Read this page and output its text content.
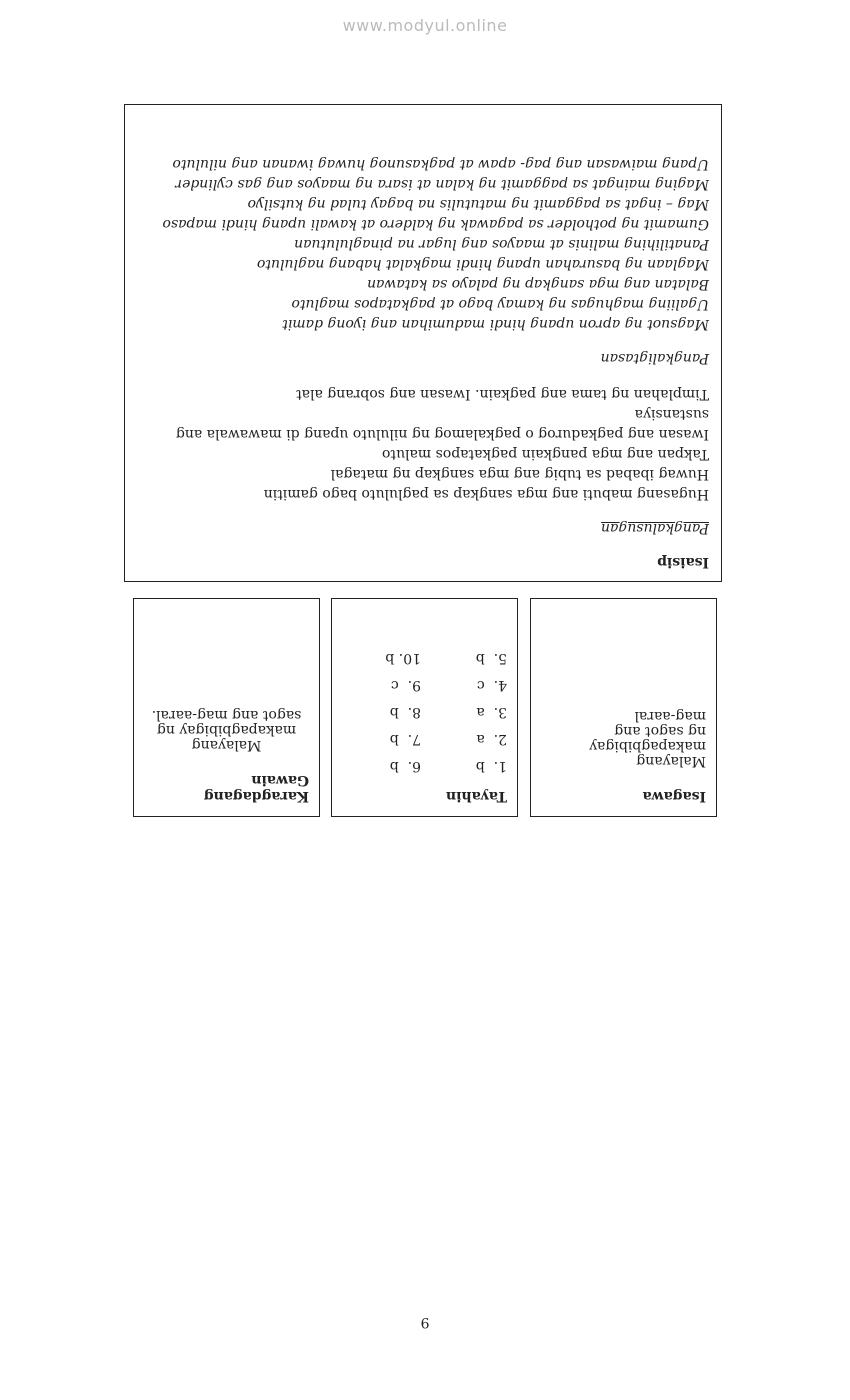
www.modyul.online
Isaisip

Pangkalusugan

Hugasang mabuti ang mga sangkap sa pagluluto bago gamitin

Huwag ibabad sa tubig ang mga sangkap ng matagal

Takpan ang mga pangkain pagkatapos maluto

Iwasan ang pagkadurog o pagkalamog ng niluluto upang di mawawala ang

sustansiya

Timplahan ng tama ang pagkain. Iwasan ang sobrang alat

Pangkaligtasan

Magsuot ng apron upang hindi madumihan ang iyong damit

Ugaliing maghugas ng kamay bago at pagkatapos maglutо

Balatan ang mga sangkap ng palayo sa katawan

Maglaan ng basurahan upang hindi magkalat habang nagluluto

Panatilihing malinis at maayos ang lugar na pinaglulutuan

Gumamit ng potholder sa pagawak ng kaldero at kawali upang hindi mapaso

Mag – ingat sa paggamit ng matutulis na bagay tulad ng kutsilyo

Maging maingat sa paggamit ng kalan at isara ng maayos ang gas cylinder

Upang maiwasan ang pag- apaw at pagkasunog huwag iwanan ang niluluto

Isagawa
Malayang makapagbibigay ng sagot ang mag-aaral
Tayahin
1.  b
6.  b
2.  a
7.  b
3.  a
8.  b
4.  c
9.  c
5.  b
10. b
Karagdagang Gawain
Malayang makapagbibigay ng sagot ang mag-aaral.
9
